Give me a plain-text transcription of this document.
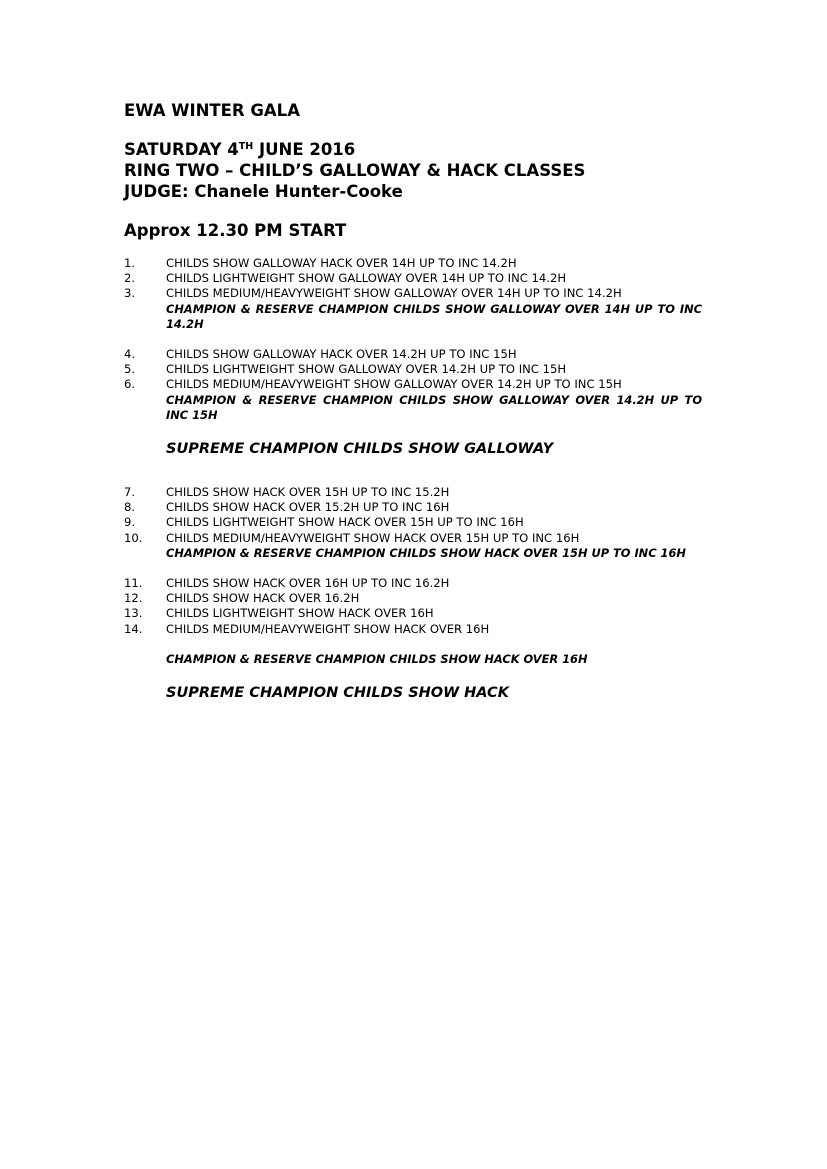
EWA WINTER GALA

SATURDAY 4TH JUNE 2016

RING TWO – CHILD’S GALLOWAY & HACK CLASSES

JUDGE: Chanele Hunter-Cooke

Approx 12.30 PM START

1.	CHILDS SHOW GALLOWAY HACK OVER 14H UP TO INC 14.2H
2.	CHILDS LIGHTWEIGHT SHOW GALLOWAY OVER 14H UP TO INC 14.2H
3.	CHILDS MEDIUM/HEAVYWEIGHT SHOW GALLOWAY OVER 14H UP TO INC 14.2H
CHAMPION & RESERVE CHAMPION CHILDS SHOW GALLOWAY OVER 14H UP TO INC 14.2H
4.	CHILDS SHOW GALLOWAY HACK OVER 14.2H UP TO INC 15H
5.	CHILDS LIGHTWEIGHT SHOW GALLOWAY OVER 14.2H UP TO INC 15H
6.	CHILDS MEDIUM/HEAVYWEIGHT SHOW GALLOWAY OVER 14.2H UP TO INC 15H
CHAMPION & RESERVE CHAMPION CHILDS SHOW GALLOWAY OVER 14.2H UP TO INC 15H
SUPREME CHAMPION CHILDS SHOW GALLOWAY
7.	CHILDS SHOW HACK OVER 15H UP TO INC 15.2H
8.	CHILDS SHOW HACK OVER 15.2H UP TO INC 16H
9.	CHILDS LIGHTWEIGHT SHOW HACK OVER 15H UP TO INC 16H
10.	CHILDS MEDIUM/HEAVYWEIGHT SHOW HACK OVER 15H UP TO INC 16H
CHAMPION & RESERVE CHAMPION CHILDS SHOW HACK OVER 15H UP TO INC 16H
11.	CHILDS SHOW HACK OVER 16H UP TO INC 16.2H
12.	CHILDS SHOW HACK OVER 16.2H
13.	CHILDS LIGHTWEIGHT SHOW HACK OVER 16H
14.	CHILDS MEDIUM/HEAVYWEIGHT SHOW HACK OVER 16H
CHAMPION & RESERVE CHAMPION CHILDS SHOW HACK OVER 16H
SUPREME CHAMPION CHILDS SHOW HACK
